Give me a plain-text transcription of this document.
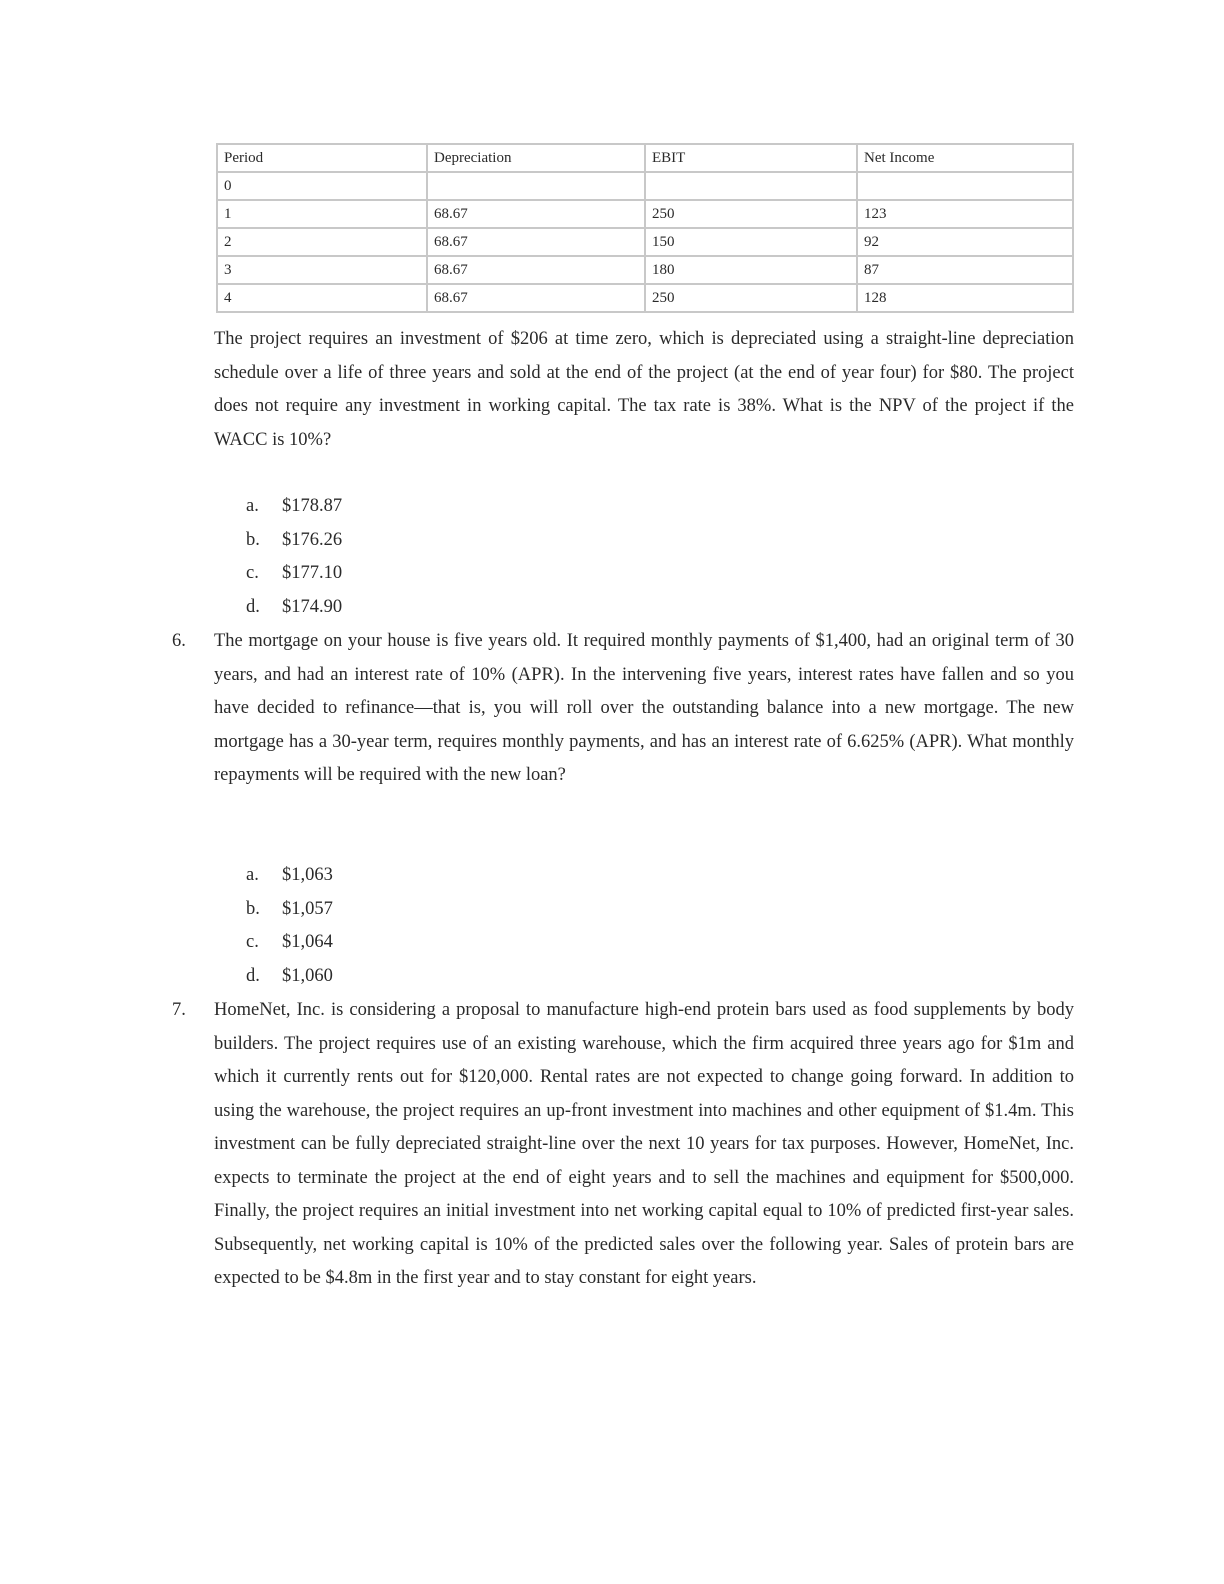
Period	Depreciation	EBIT	Net Income
0			
1	68.67	250	123
2	68.67	150	92
3	68.67	180	87
4	68.67	250	128

The project requires an investment of $206 at time zero, which is depreciated using a straight-line depreciation schedule over a life of three years and sold at the end of the project (at the end of year four) for $80. The project does not require any investment in working capital. The tax rate is 38%. What is the NPV of the project if the WACC is 10%?

a. $178.87
b. $176.26
c. $177.10
d. $174.90
6.	The mortgage on your house is five years old. It required monthly payments of $1,400, had an original term of 30 years, and had an interest rate of 10% (APR). In the intervening five years, interest rates have fallen and so you have decided to refinance—that is, you will roll over the outstanding balance into a new mortgage. The new mortgage has a 30-year term, requires monthly payments, and has an interest rate of 6.625% (APR). What monthly repayments will be required with the new loan?

a. $1,063
b. $1,057
c. $1,064
d. $1,060
7.	HomeNet, Inc. is considering a proposal to manufacture high-end protein bars used as food supplements by body builders. The project requires use of an existing warehouse, which the firm acquired three years ago for $1m and which it currently rents out for $120,000. Rental rates are not expected to change going forward. In addition to using the warehouse, the project requires an up-front investment into machines and other equipment of $1.4m. This investment can be fully depreciated straight-line over the next 10 years for tax purposes. However, HomeNet, Inc. expects to terminate the project at the end of eight years and to sell the machines and equipment for $500,000. Finally, the project requires an initial investment into net working capital equal to 10% of predicted first-year sales. Subsequently, net working capital is 10% of the predicted sales over the following year. Sales of protein bars are expected to be $4.8m in the first year and to stay constant for eight years.
